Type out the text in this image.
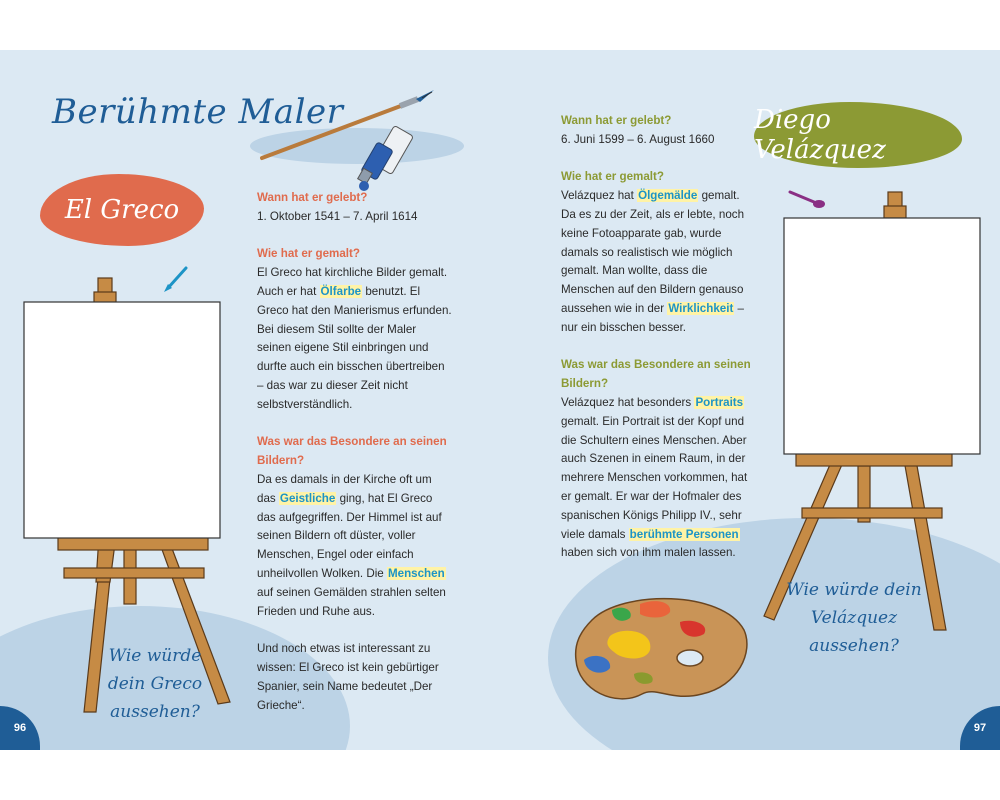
Berühmte Maler
El Greco	Wann hat er gelebt?
1. Oktober 1541 – 7. April 1614

Wie hat er gemalt?
El Greco hat kirchliche Bilder gemalt. Auch er hat Ölfarbe benutzt. El Greco hat den Manierismus erfunden. Bei diesem Stil sollte der Maler seinen eigene Stil einbringen und durfte auch ein bisschen übertreiben – das war zu dieser Zeit nicht selbstverständlich.

Was war das Besondere an seinen Bildern?
Da es damals in der Kirche oft um das Geistliche ging, hat El Greco das aufgegriffen. Der Himmel ist auf seinen Bildern oft düster, voller Menschen, Engel oder einfach unheilvollen Wolken. Die Menschen auf seinen Gemälden strahlen selten Frieden und Ruhe aus.

Und noch etwas ist interessant zu wissen: El Greco ist kein gebürtiger Spanier, sein Name bedeutet „Der Grieche“.

Wie würde dein Greco aussehen?
Diego Velázquez

Wann hat er gelebt?
6. Juni 1599 – 6. August 1660

Wie hat er gemalt?
Velázquez hat Ölgemälde gemalt. Da es zu der Zeit, als er lebte, noch keine Fotoapparate gab, wurde damals so realistisch wie möglich gemalt. Man wollte, dass die Menschen auf den Bildern genauso aussehen wie in der Wirklichkeit – nur ein bisschen besser.

Was war das Besondere an seinen Bildern?
Velázquez hat besonders Portraits gemalt. Ein Portrait ist der Kopf und die Schultern eines Menschen. Aber auch Szenen in einem Raum, in der mehrere Menschen vorkommen, hat er gemalt. Er war der Hofmaler des spanischen Königs Philipp IV., sehr viele damals berühmte Personen haben sich von ihm malen lassen.

Wie würde dein Velázquez aussehen?
96	97
